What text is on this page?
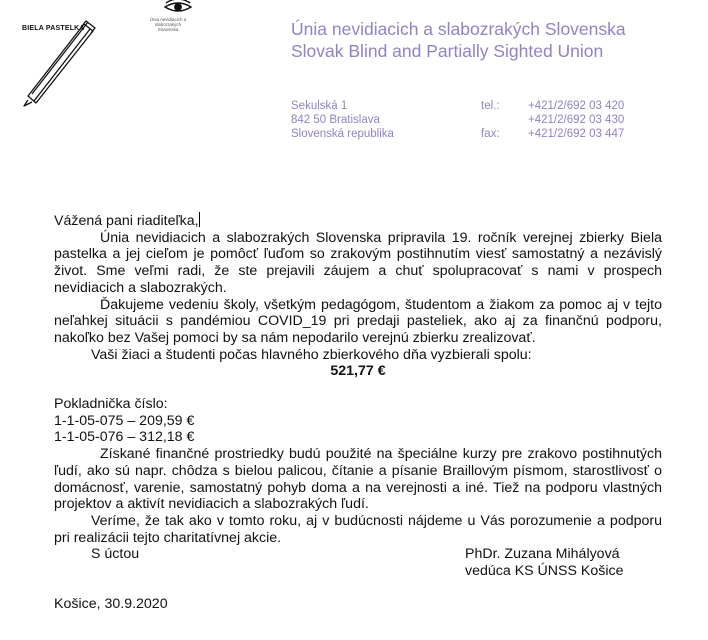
BIELA PASTELKA
Únia nevidiacich a slabozrakých
Slovenska	Únia nevidiacich a slabozrakých Slovenska
Slovak Blind and Partially Sighted Union
Sekulská 1
842 50 Bratislava
Slovenská republika
tel.:

fax:
+421/2/692 03 420
+421/2/692 03 430
+421/2/692 03 447

Vážená pani riaditeľka,

Únia nevidiacich a slabozrakých Slovenska pripravila 19. ročník verejnej zbierky Biela pastelka a jej cieľom je pomôcť ľuďom so zrakovým postihnutím viesť samostatný a nezávislý život. Sme veľmi radi, že ste prejavili záujem a chuť spolupracovať s nami v prospech nevidiacich a slabozrakých.

Ďakujeme vedeniu školy, všetkým pedagógom, študentom a žiakom za pomoc aj v tejto neľahkej situácii s pandémiou COVID_19 pri predaji pasteliek, ako aj za finančnú podporu, nakoľko bez Vašej pomoci by sa nám nepodarilo verejnú zbierku zrealizovať.

Vaši žiaci a študenti počas hlavného zbierkového dňa vyzbierali spolu:

521,77 €

Pokladnička číslo:

1-1-05-075 – 209,59 €

1-1-05-076 – 312,18 €

Získané finančné prostriedky budú použité na špeciálne kurzy pre zrakovo postihnutých ľudí, ako sú napr. chôdza s bielou palicou, čítanie a písanie Braillovým písmom, starostlivosť o domácnosť, varenie, samostatný pohyb doma a na verejnosti a iné. Tiež na podporu vlastných projektov a aktivít nevidiacich a slabozrakých ľudí.

Veríme, že tak ako v tomto roku, aj v budúcnosti nájdeme u Vás porozumenie a podporu pri realizácii tejto charitatívnej akcie.

S úctou	PhDr. Zuzana Mihályová
vedúca KS ÚNSS Košice

Košice, 30.9.2020
